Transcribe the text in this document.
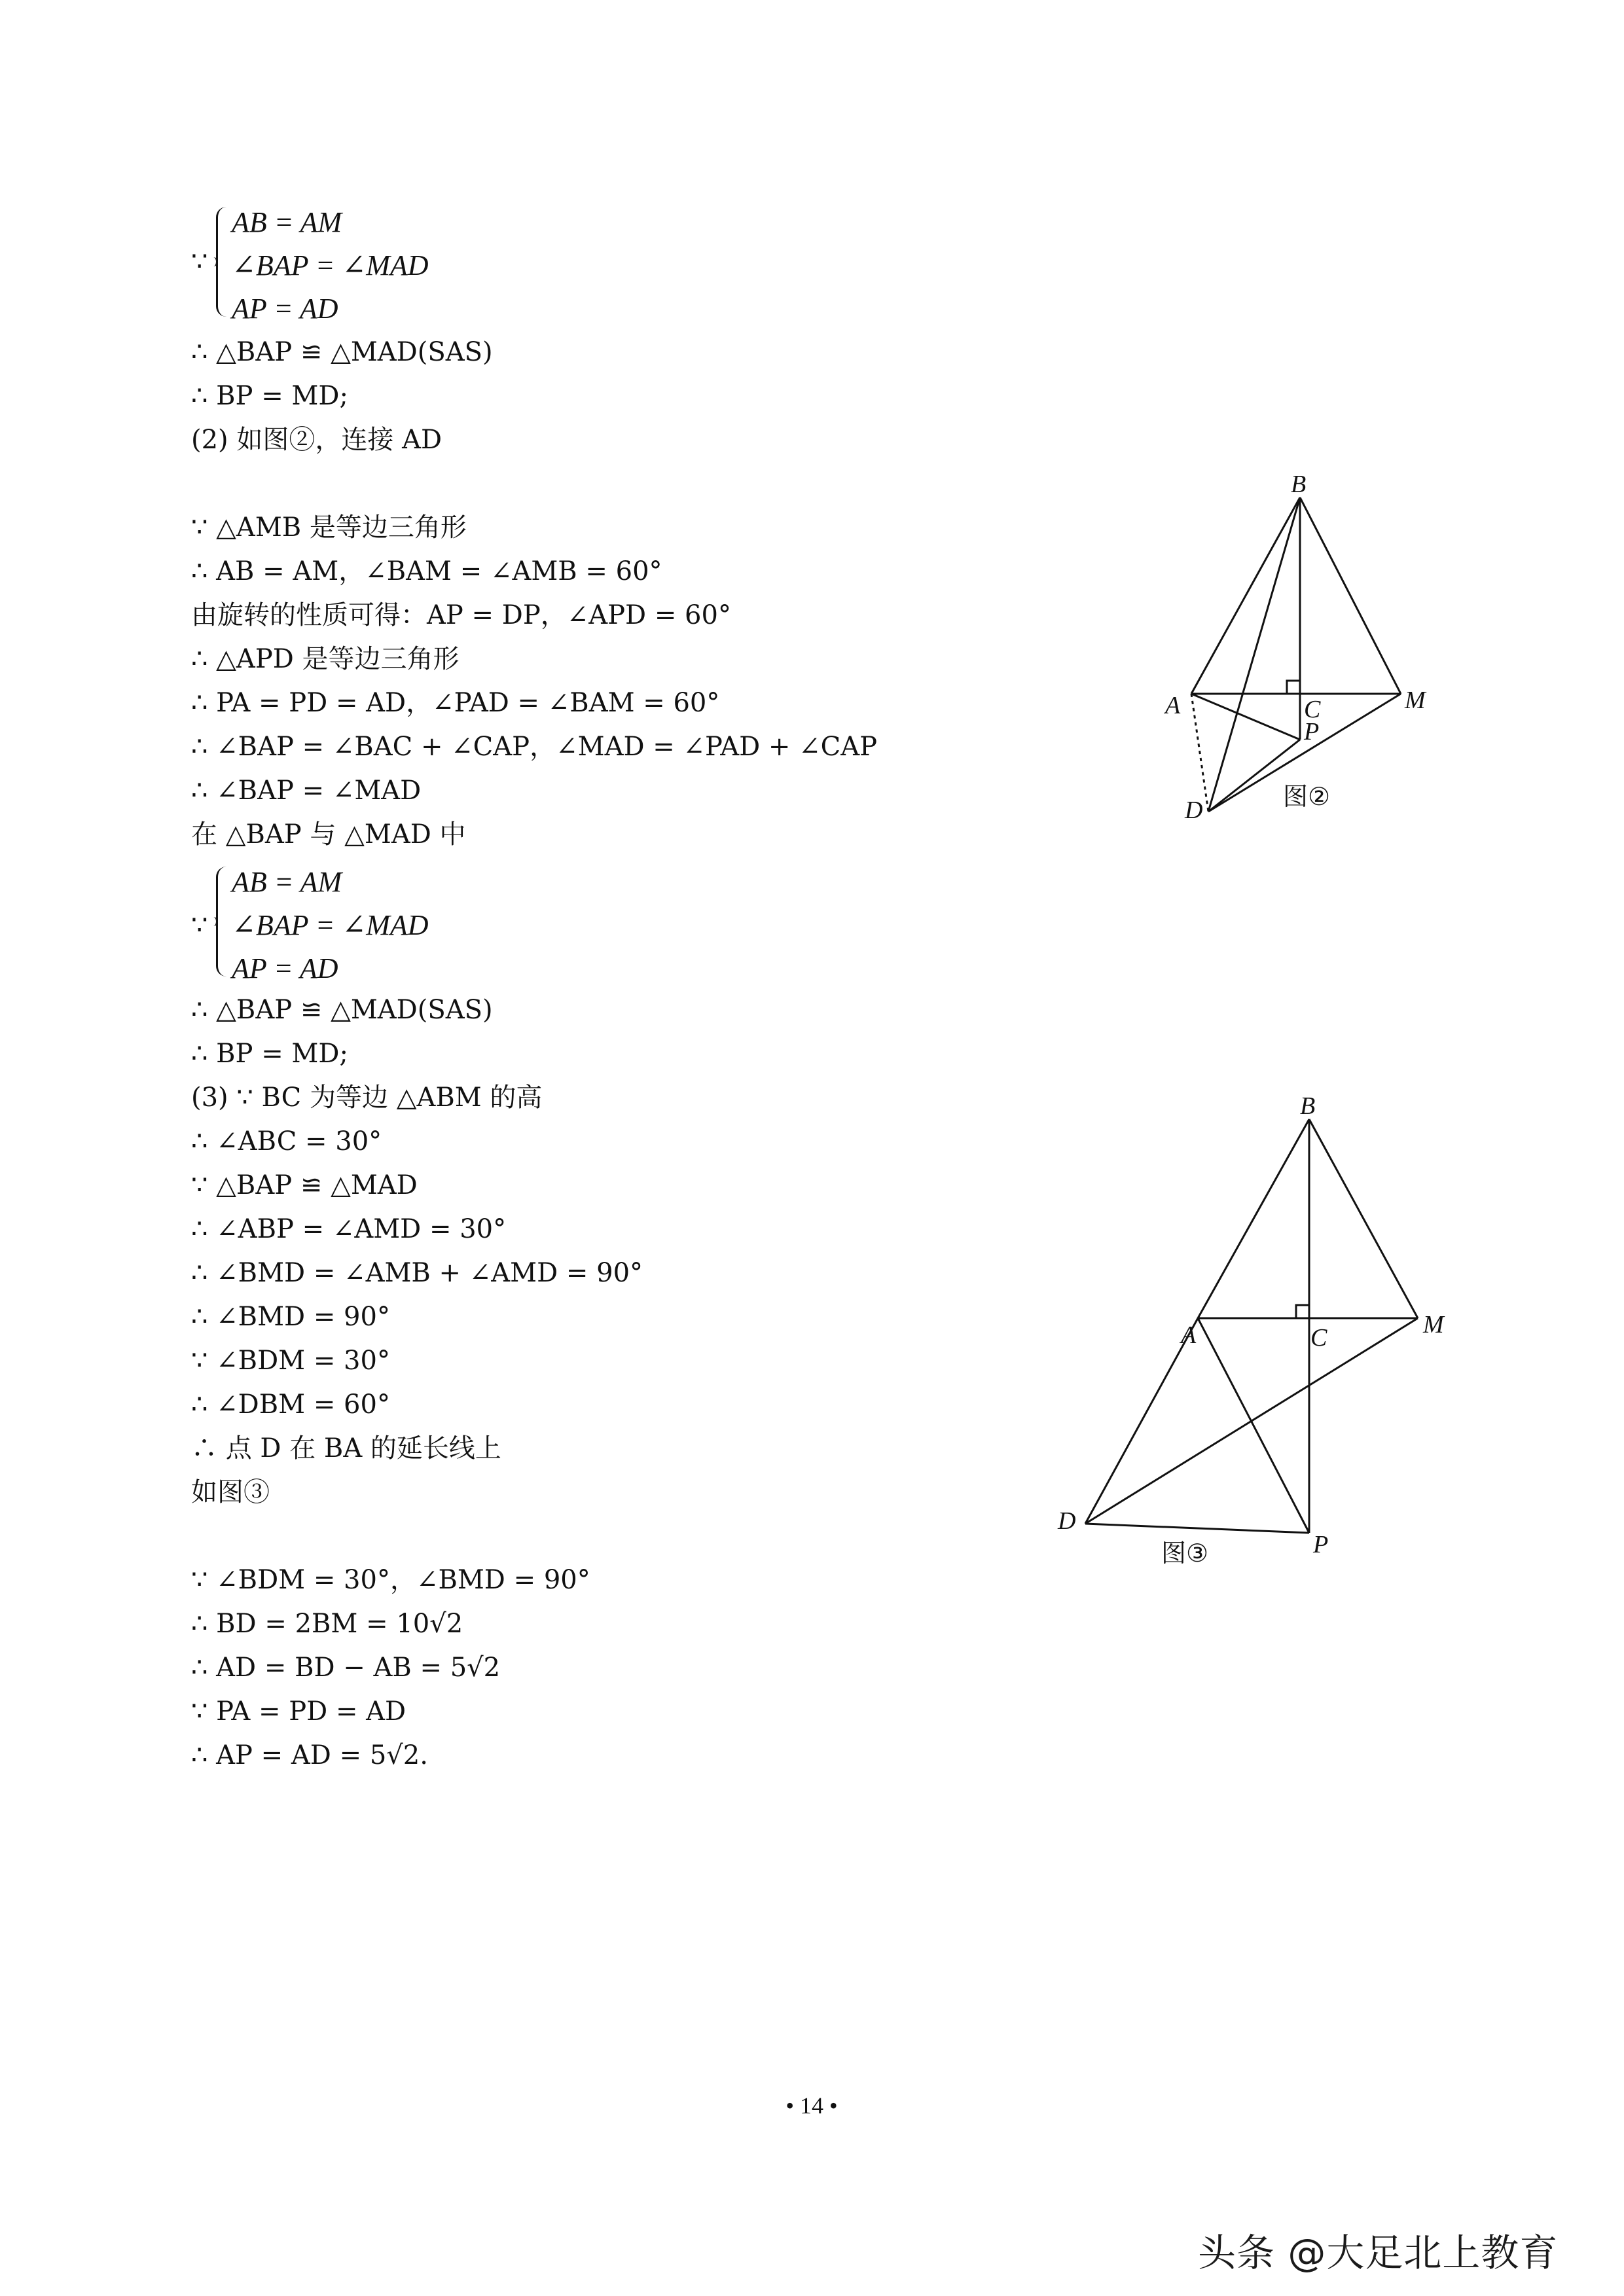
∵
AB = AM
∠BAP = ∠MAD
AP = AD
∴ △BAP ≌ △MAD(SAS)
∴ BP = MD;
(2) 如图②，连接 AD
∵ △AMB 是等边三角形
∴ AB = AM，∠BAM = ∠AMB = 60°
由旋转的性质可得：AP = DP，∠APD = 60°
∴ △APD 是等边三角形
∴ PA = PD = AD，∠PAD = ∠BAM = 60°
∴ ∠BAP = ∠BAC + ∠CAP，∠MAD = ∠PAD + ∠CAP
∴ ∠BAP = ∠MAD
在 △BAP 与 △MAD 中
∵
AB = AM
∠BAP = ∠MAD
AP = AD
∴ △BAP ≌ △MAD(SAS)
∴ BP = MD;
(3) ∵ BC 为等边 △ABM 的高
∴ ∠ABC = 30°
∵ △BAP ≌ △MAD
∴ ∠ABP = ∠AMD = 30°
∴ ∠BMD = ∠AMB + ∠AMD = 90°
∴ ∠BMD = 90°
∵ ∠BDM = 30°
∴ ∠DBM = 60°
∴ 点 D 在 BA 的延长线上
如图③
∵ ∠BDM = 30°，∠BMD = 90°
∴ BD = 2BM = 10√2
∴ AD = BD − AB = 5√2
∵ PA = PD = AD
∴ AP = AD = 5√2.
B
A	C
P
M
D	图②
B
A	C	M
D
P
图③
• 14 •
头条 @大足北上教育
